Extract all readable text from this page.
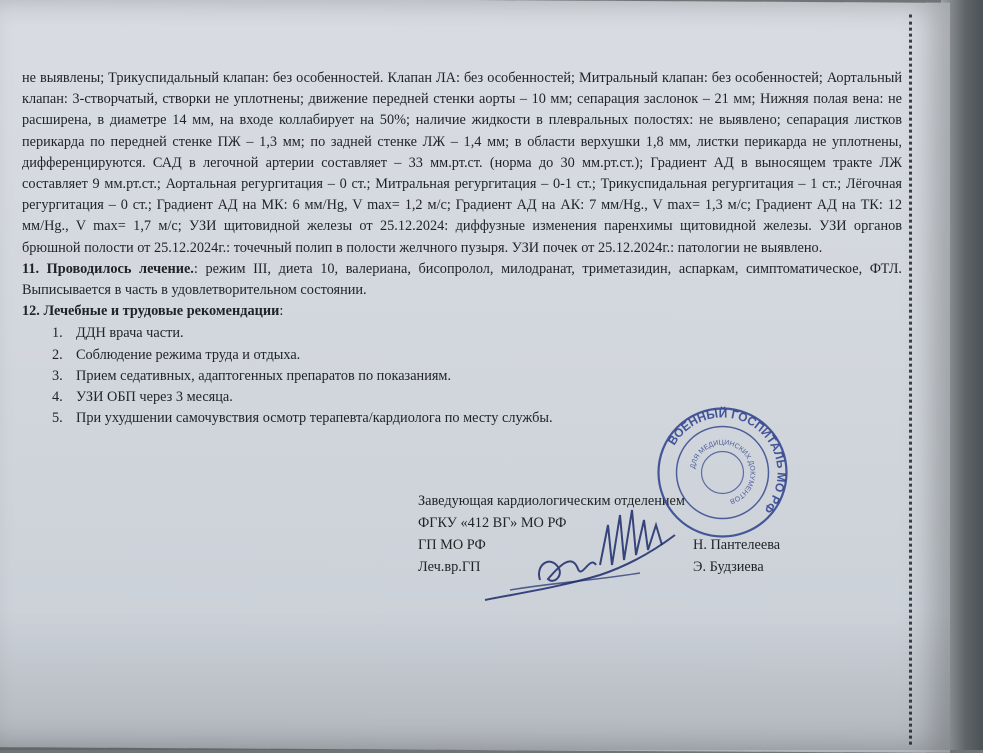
не выявлены; Трикуспидальный клапан: без особенностей. Клапан ЛА: без особенностей; Митральный клапан: без особенностей; Аортальный клапан: 3-створчатый, створки не уплотнены; движение передней стенки аорты – 10 мм; сепарация заслонок – 21 мм; Нижняя полая вена: не расширена, в диаметре 14 мм, на входе коллабирует на 50%; наличие жидкости в плевральных полостях: не выявлено; сепарация листков перикарда по передней стенке ПЖ – 1,3 мм; по задней стенке ЛЖ – 1,4 мм; в области верхушки 1,8 мм, листки перикарда не уплотнены, дифференцируются. САД в легочной артерии составляет – 33 мм.рт.ст. (норма до 30 мм.рт.ст.); Градиент АД в выносящем тракте ЛЖ составляет 9 мм.рт.ст.; Аортальная регургитация – 0 ст.; Митральная регургитация – 0-1 ст.; Трикуспидальная регургитация – 1 ст.; Лёгочная регургитация – 0 ст.; Градиент АД на МК: 6 мм/Hg, V max= 1,2 м/с; Градиент АД на АК: 7 мм/Hg., V max= 1,3 м/с; Градиент АД на ТК: 12 мм/Hg., V max= 1,7 м/с; УЗИ щитовидной железы от 25.12.2024: диффузные изменения паренхимы щитовидной железы. УЗИ органов брюшной полости от 25.12.2024г.: точечный полип в полости желчного пузыря. УЗИ почек от 25.12.2024г.: патологии не выявлено.

11. Проводилось лечение.: режим III, диета 10, валериана, бисопролол, милодранат, триметазидин, аспаркам, симптоматическое, ФТЛ. Выписывается в часть в удовлетворительном состоянии.

12. Лечебные и трудовые рекомендации:

1. ДДН врача части.
2. Соблюдение режима труда и отдыха.
3. Прием седативных, адаптогенных препаратов по показаниям.
4. УЗИ ОБП через 3 месяца.
5. При ухудшении самочувствия осмотр терапевта/кардиолога по месту службы.
Заведующая кардиологическим отделением
ФГКУ «412 ВГ» МО РФ
ГП МО РФ	Н. Пантелеева
Леч.вр.ГП	Э. Будзиева
ВОЕННЫЙ ГОСПИТАЛЬ МО РФ
ДЛЯ МЕДИЦИНСКИХ ДОКУМЕНТОВ
